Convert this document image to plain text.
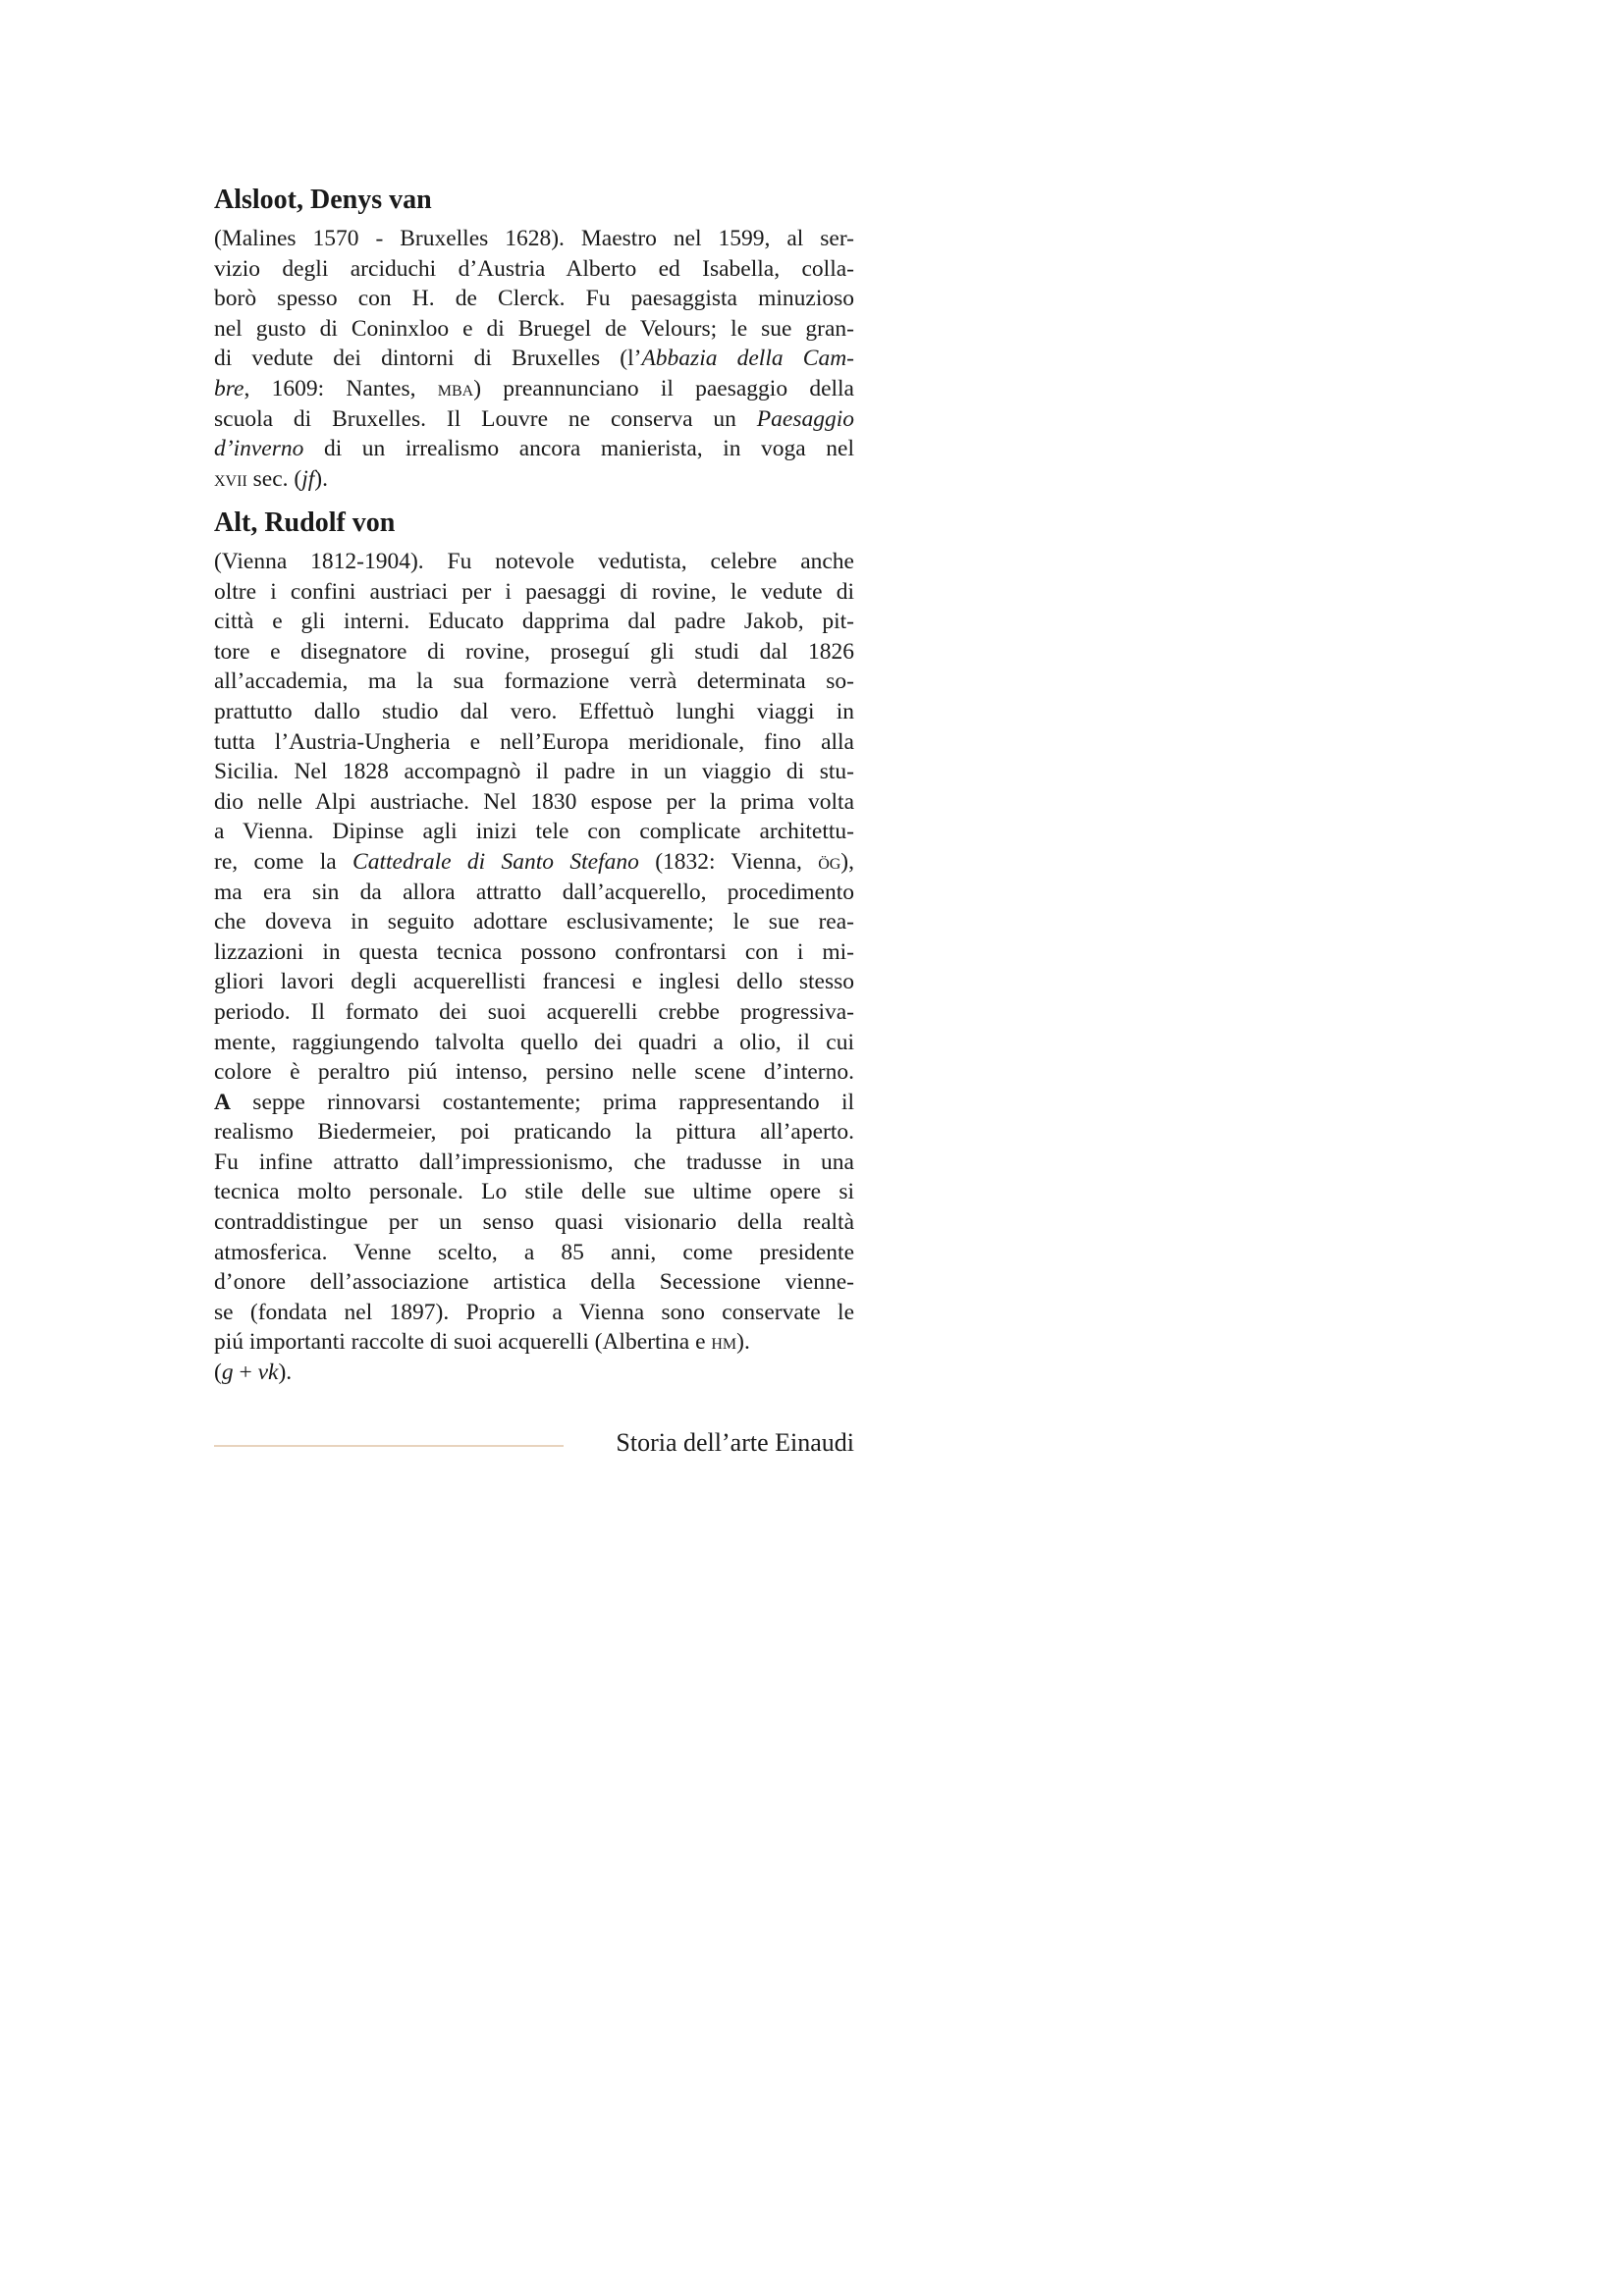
Alsloot, Denys van
(Malines 1570 - Bruxelles 1628). Maestro nel 1599, al ser-
vizio degli arciduchi d’Austria Alberto ed Isabella, colla-
borò spesso con H. de Clerck. Fu paesaggista minuzioso
nel gusto di Coninxloo e di Bruegel de Velours; le sue gran-
di vedute dei dintorni di Bruxelles (l’Abbazia della Cam-
bre, 1609: Nantes, mba) preannunciano il paesaggio della
scuola di Bruxelles. Il Louvre ne conserva un Paesaggio
d’inverno di un irrealismo ancora manierista, in voga nel
xvii sec. (jf).
Alt, Rudolf von
(Vienna 1812-1904). Fu notevole vedutista, celebre anche
oltre i confini austriaci per i paesaggi di rovine, le vedute di
città e gli interni. Educato dapprima dal padre Jakob, pit-
tore e disegnatore di rovine, proseguí gli studi dal 1826
all’accademia, ma la sua formazione verrà determinata so-
prattutto dallo studio dal vero. Effettuò lunghi viaggi in
tutta l’Austria-Ungheria e nell’Europa meridionale, fino alla
Sicilia. Nel 1828 accompagnò il padre in un viaggio di stu-
dio nelle Alpi austriache. Nel 1830 espose per la prima volta
a Vienna. Dipinse agli inizi tele con complicate architettu-
re, come la Cattedrale di Santo Stefano (1832: Vienna, ög),
ma era sin da allora attratto dall’acquerello, procedimento
che doveva in seguito adottare esclusivamente; le sue rea-
lizzazioni in questa tecnica possono confrontarsi con i mi-
gliori lavori degli acquerellisti francesi e inglesi dello stesso
periodo. Il formato dei suoi acquerelli crebbe progressiva-
mente, raggiungendo talvolta quello dei quadri a olio, il cui
colore è peraltro piú intenso, persino nelle scene d’interno.
A seppe rinnovarsi costantemente; prima rappresentando il
realismo Biedermeier, poi praticando la pittura all’aperto.
Fu infine attratto dall’impressionismo, che tradusse in una
tecnica molto personale. Lo stile delle sue ultime opere si
contraddistingue per un senso quasi visionario della realtà
atmosferica. Venne scelto, a 85 anni, come presidente
d’onore dell’associazione artistica della Secessione vienne-
se (fondata nel 1897). Proprio a Vienna sono conservate le
piú importanti raccolte di suoi acquerelli (Albertina e hm).
(g + vk).
Storia dell’arte Einaudi
